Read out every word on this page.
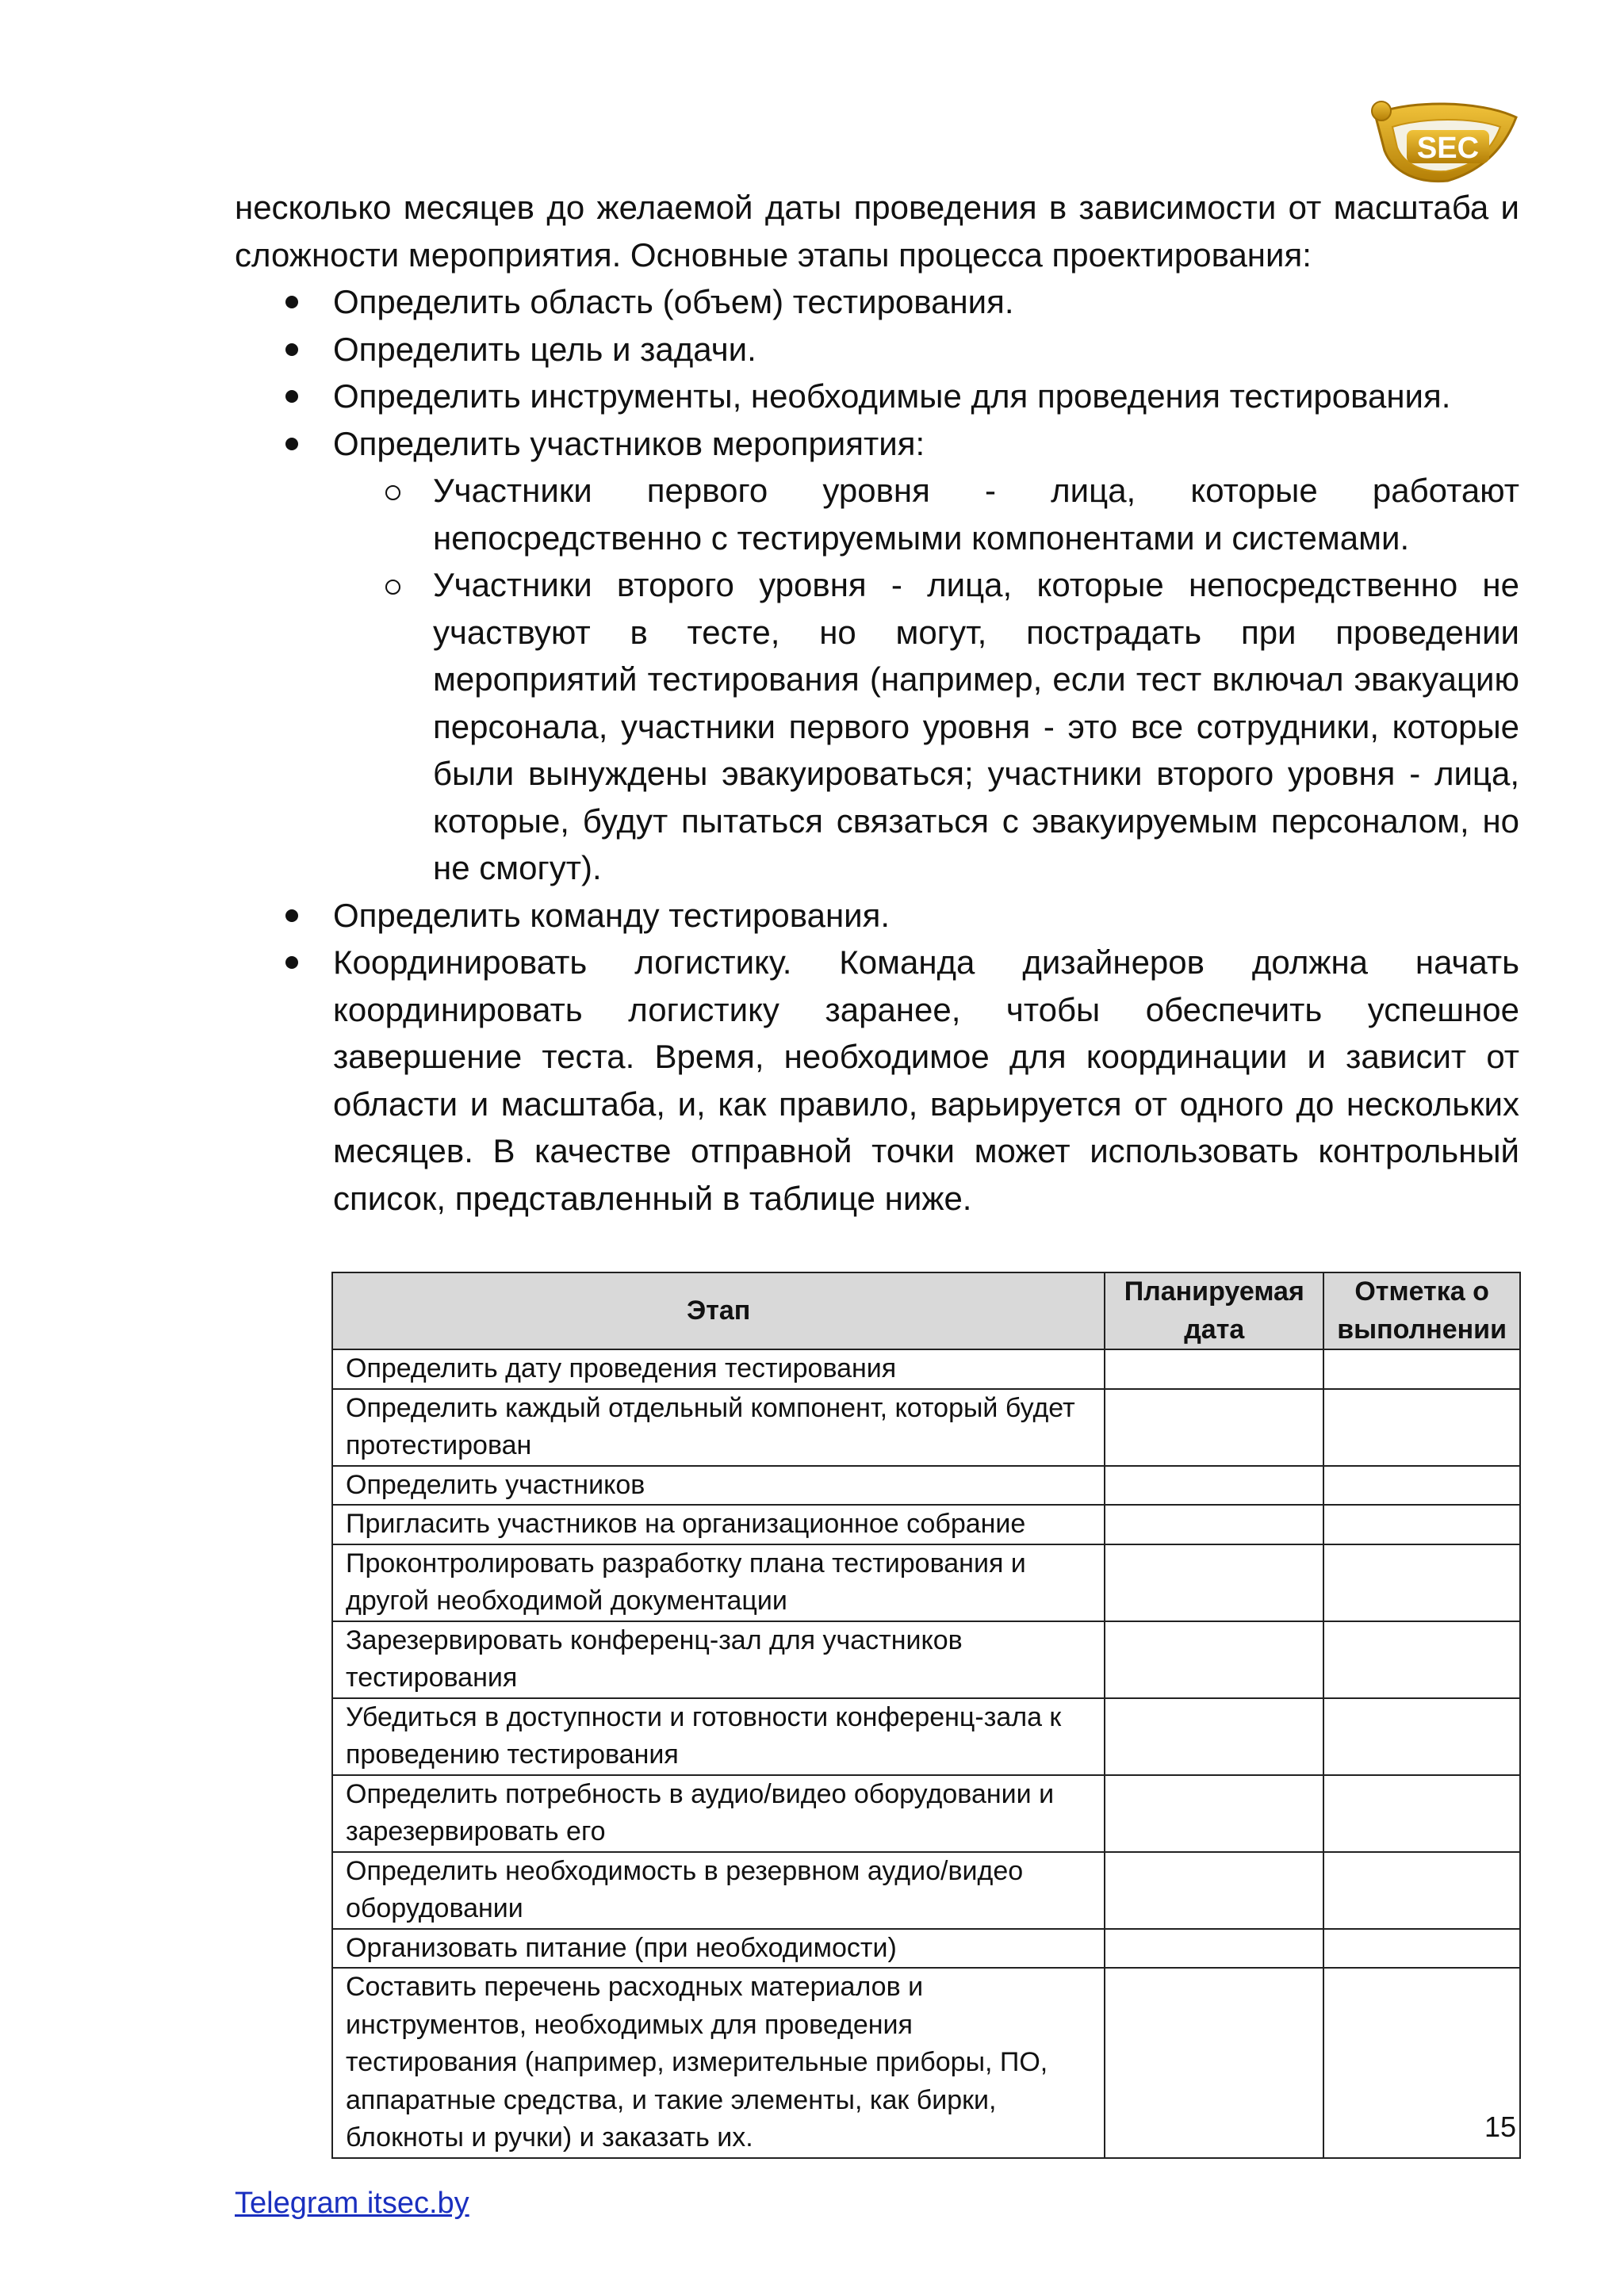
SEC

несколько месяцев до желаемой даты проведения в зависимости от масштаба и сложности мероприятия. Основные этапы процесса проектирования:

Определить область (объем) тестирования.
Определить цель и задачи.
Определить инструменты, необходимые для проведения тестирования.
Определить участников мероприятия:
Участники первого уровня - лица, которые работают непосредственно с тестируемыми компонентами и системами.
Участники второго уровня - лица, которые непосредственно не участвуют в тесте, но могут, пострадать при проведении мероприятий тестирования (например, если тест включал эвакуацию персонала, участники первого уровня - это все сотрудники, которые были вынуждены эвакуироваться; участники второго уровня - лица, которые, будут пытаться связаться с эвакуируемым персоналом, но не смогут).
Определить команду тестирования.
Координировать логистику. Команда дизайнеров должна начать координировать логистику заранее, чтобы обеспечить успешное завершение теста. Время, необходимое для координации и зависит от области и масштаба, и, как правило, варьируется от одного до нескольких месяцев. В качестве отправной точки может использовать контрольный список, представленный в таблице ниже.
Этап	Планируемая дата	Отметка о выполнении
Определить дату проведения тестирования		
Определить каждый отдельный компонент, который будет протестирован		
Определить участников		
Пригласить участников на организационное собрание		
Проконтролировать разработку плана тестирования и другой необходимой документации		
Зарезервировать конференц-зал для участников тестирования		
Убедиться в доступности и готовности конференц-зала к проведению тестирования		
Определить потребность в аудио/видео оборудовании и зарезервировать его		
Определить необходимость в резервном аудио/видео оборудовании		
Организовать питание (при необходимости)		
Составить перечень расходных материалов и инструментов, необходимых для проведения тестирования (например, измерительные приборы, ПО, аппаратные средства, и такие элементы, как бирки, блокноты и ручки) и заказать их.			15
Telegram itsec.by
